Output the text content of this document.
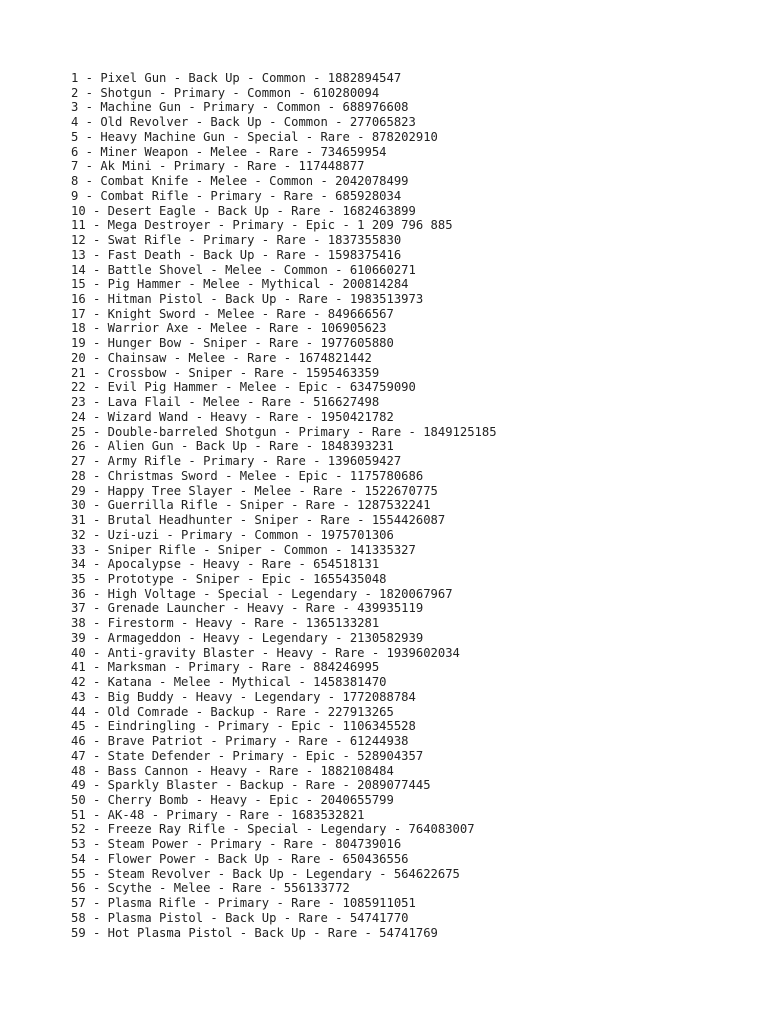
1 - Pixel Gun - Back Up - Common - 1882894547
2 - Shotgun - Primary - Common - 610280094
3 - Machine Gun - Primary - Common - 688976608
4 - Old Revolver - Back Up - Common - 277065823
5 - Heavy Machine Gun - Special - Rare - 878202910
6 - Miner Weapon - Melee - Rare - 734659954
7 - Ak Mini - Primary - Rare - 117448877
8 - Combat Knife - Melee - Common - 2042078499
9 - Combat Rifle - Primary - Rare - 685928034
10 - Desert Eagle - Back Up - Rare - 1682463899
11 - Mega Destroyer - Primary - Epic - 1 209 796 885
12 - Swat Rifle - Primary - Rare - 1837355830
13 - Fast Death - Back Up - Rare - 1598375416
14 - Battle Shovel - Melee - Common - 610660271
15 - Pig Hammer - Melee - Mythical - 200814284
16 - Hitman Pistol - Back Up - Rare - 1983513973
17 - Knight Sword - Melee - Rare - 849666567
18 - Warrior Axe - Melee - Rare - 106905623
19 - Hunger Bow - Sniper - Rare - 1977605880
20 - Chainsaw - Melee - Rare - 1674821442
21 - Crossbow - Sniper - Rare - 1595463359
22 - Evil Pig Hammer - Melee - Epic - 634759090
23 - Lava Flail - Melee - Rare - 516627498
24 - Wizard Wand - Heavy - Rare - 1950421782
25 - Double-barreled Shotgun - Primary - Rare - 1849125185
26 - Alien Gun - Back Up - Rare - 1848393231
27 - Army Rifle - Primary - Rare - 1396059427
28 - Christmas Sword - Melee - Epic - 1175780686
29 - Happy Tree Slayer - Melee - Rare - 1522670775
30 - Guerrilla Rifle - Sniper - Rare - 1287532241
31 - Brutal Headhunter - Sniper - Rare - 1554426087
32 - Uzi-uzi - Primary - Common - 1975701306
33 - Sniper Rifle - Sniper - Common - 141335327
34 - Apocalypse - Heavy - Rare - 654518131
35 - Prototype - Sniper - Epic - 1655435048
36 - High Voltage - Special - Legendary - 1820067967
37 - Grenade Launcher - Heavy - Rare - 439935119
38 - Firestorm - Heavy - Rare - 1365133281
39 - Armageddon - Heavy - Legendary - 2130582939
40 - Anti-gravity Blaster - Heavy - Rare - 1939602034
41 - Marksman - Primary - Rare - 884246995
42 - Katana - Melee - Mythical - 1458381470
43 - Big Buddy - Heavy - Legendary - 1772088784
44 - Old Comrade - Backup - Rare - 227913265
45 - Eindringling - Primary - Epic - 1106345528
46 - Brave Patriot - Primary - Rare - 61244938
47 - State Defender - Primary - Epic - 528904357
48 - Bass Cannon - Heavy - Rare - 1882108484
49 - Sparkly Blaster - Backup - Rare - 2089077445
50 - Cherry Bomb - Heavy - Epic - 2040655799
51 - AK-48 - Primary - Rare - 1683532821
52 - Freeze Ray Rifle - Special - Legendary - 764083007
53 - Steam Power - Primary - Rare - 804739016
54 - Flower Power - Back Up - Rare - 650436556
55 - Steam Revolver - Back Up - Legendary - 564622675
56 - Scythe - Melee - Rare - 556133772
57 - Plasma Rifle - Primary - Rare - 1085911051
58 - Plasma Pistol - Back Up - Rare - 54741770
59 - Hot Plasma Pistol - Back Up - Rare - 54741769
